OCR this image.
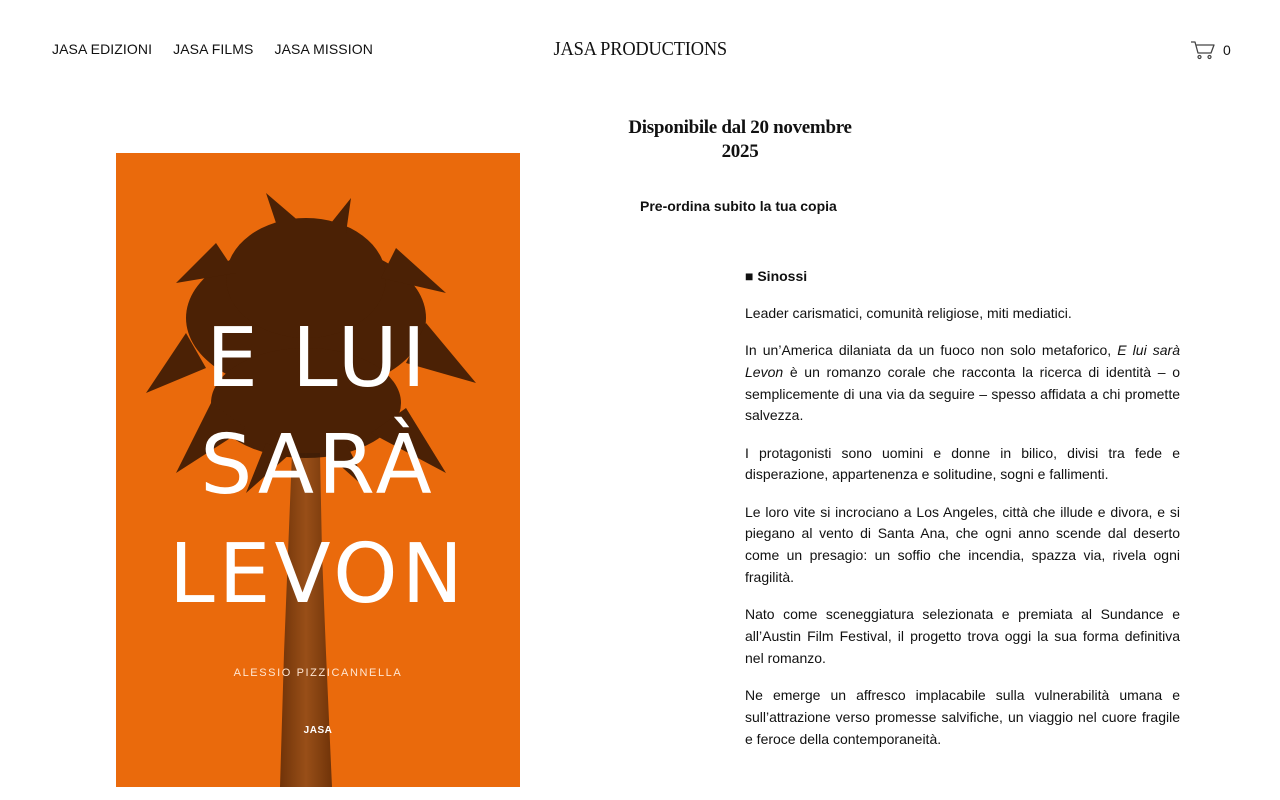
JASA EDIZIONI JASA FILMS JASA MISSION	JASA PRODUCTIONS	0
E LUI
SARÀ
LEVON
ALESSIO PIZZICANNELLA
JASA
Disponibile dal 20 novembre
2025
Pre-ordina subito la tua copia
■ Sinossi

Leader carismatici, comunità religiose, miti mediatici.

In un’America dilaniata da un fuoco non solo metaforico, E lui sarà Levon è un romanzo corale che racconta la ricerca di identità – o semplicemente di una via da seguire – spesso affidata a chi promette salvezza.

I protagonisti sono uomini e donne in bilico, divisi tra fede e disperazione, appartenenza e solitudine, sogni e fallimenti.

Le loro vite si incrociano a Los Angeles, città che illude e divora, e si piegano al vento di Santa Ana, che ogni anno scende dal deserto come un presagio: un soffio che incendia, spazza via, rivela ogni fragilità.

Nato come sceneggiatura selezionata e premiata al Sundance e all’Austin Film Festival, il progetto trova oggi la sua forma definitiva nel romanzo.

Ne emerge un affresco implacabile sulla vulnerabilità umana e sull’attrazione verso promesse salvifiche, un viaggio nel cuore fragile e feroce della contemporaneità.
